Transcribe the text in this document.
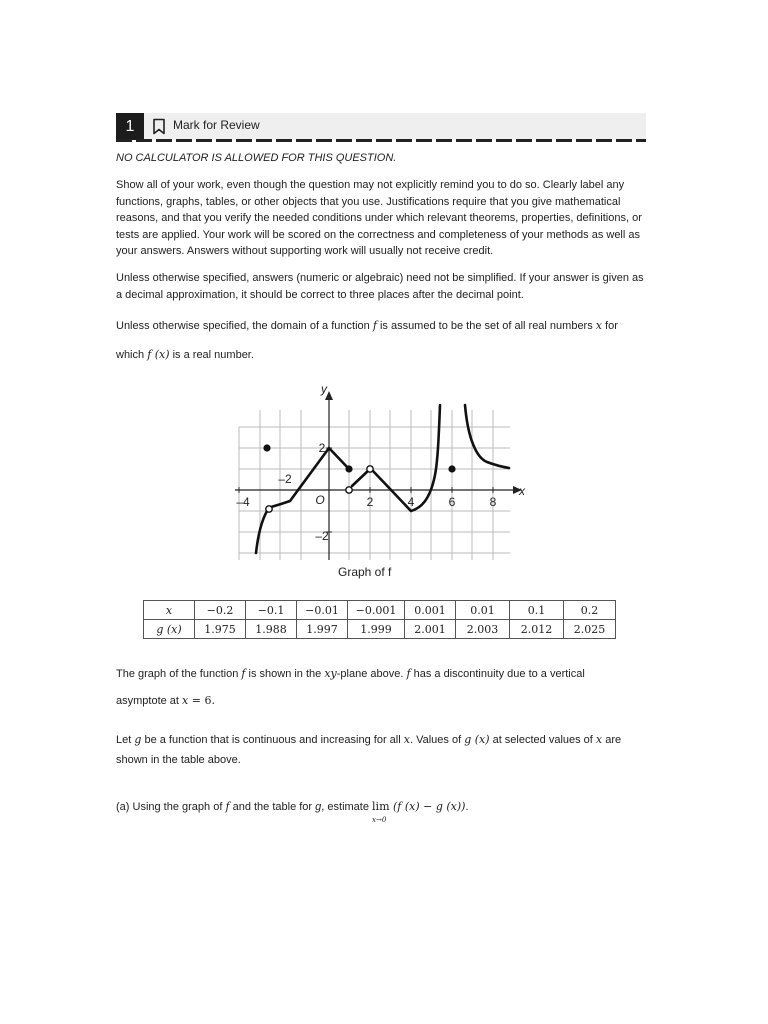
1	Mark for Review
NO CALCULATOR IS ALLOWED FOR THIS QUESTION.
Show all of your work, even though the question may not explicitly remind you to do so. Clearly label any functions, graphs, tables, or other objects that you use. Justifications require that you give mathematical reasons, and that you verify the needed conditions under which relevant theorems, properties, definitions, or tests are applied. Your work will be scored on the correctness and completeness of your methods as well as your answers. Answers without supporting work will usually not receive credit.
Unless otherwise specified, answers (numeric or algebraic) need not be simplified. If your answer is given as a decimal approximation, it should be correct to three places after the decimal point.
Unless otherwise specified, the domain of a function f is assumed to be the set of all real numbers x for
which f (x) is a real number.
y
x
–4
–2
2	4	6	8
2
–2
O
Graph of f
x	−0.2	−0.1	−0.01	−0.001	0.001	0.01	0.1	0.2
g (x)	1.975	1.988	1.997	1.999	2.001	2.003	2.012	2.025
The graph of the function f is shown in the xy-plane above. f has a discontinuity due to a vertical
asymptote at x = 6.
Let g be a function that is continuous and increasing for all x. Values of g (x) at selected values of x are
shown in the table above.
(a) Using the graph of f and the table for g, estimate lim
x→0
(f (x) − g (x)).
